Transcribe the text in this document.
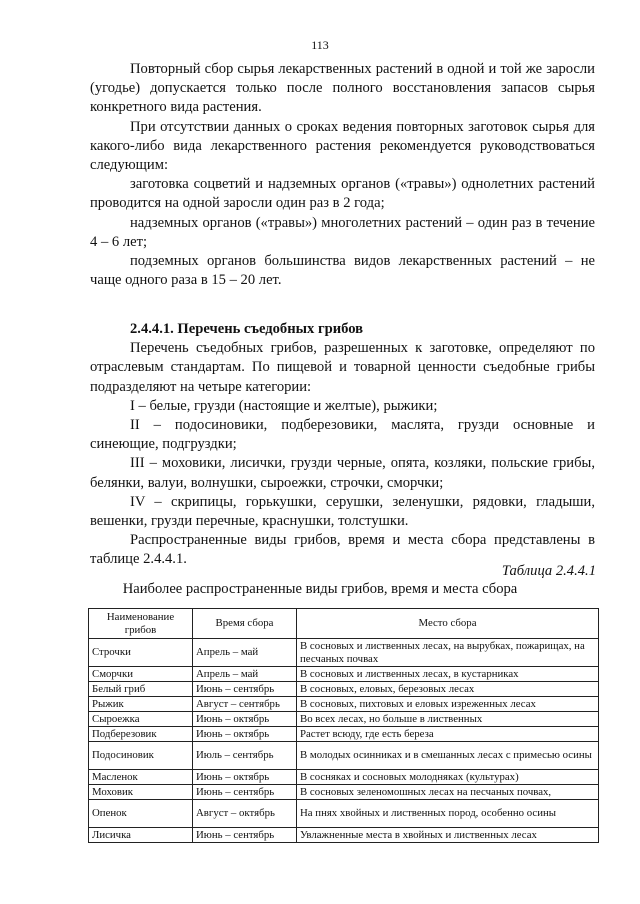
113

Повторный сбор сырья лекарственных растений в одной и той же заросли (угодье) допускается только после полного восстановления запасов сырья конкретного вида растения.

При отсутствии данных о сроках ведения повторных заготовок сырья для какого-либо вида лекарственного растения рекомендуется руководствоваться следующим:

заготовка соцветий и надземных органов («травы») однолетних растений проводится на одной заросли один раз в 2 года;

надземных органов («травы») многолетних растений – один раз в течение 4 – 6 лет;

подземных органов большинства видов лекарственных растений – не чаще одного раза в 15 – 20 лет.

2.4.4.1. Перечень съедобных грибов

Перечень съедобных грибов, разрешенных к заготовке, определяют по отраслевым стандартам. По пищевой и товарной ценности съедобные грибы подразделяют на четыре категории:

I – белые, грузди (настоящие и желтые), рыжики;

II – подосиновики, подберезовики, маслята, грузди основные и синеющие, подгруздки;

III – моховики, лисички, грузди черные, опята, козляки, польские грибы, белянки, валуи, волнушки, сыроежки, строчки, сморчки;

IV – скрипицы, горькушки, серушки, зеленушки, рядовки, гладыши, вешенки, грузди перечные, краснушки, толстушки.

Распространенные виды грибов, время и места сбора представлены в таблице 2.4.4.1.

Таблица 2.4.4.1
Наиболее распространенные виды грибов, время и места сбора
Наименование грибов	Время сбора	Место сбора
Строчки	Апрель – май	В сосновых и лиственных лесах, на вырубках, пожарищах, на песчаных почвах
Сморчки	Апрель – май	В сосновых и лиственных лесах, в кустарниках
Белый гриб	Июнь – сентябрь	В сосновых, еловых, березовых лесах
Рыжик	Август – сентябрь	В сосновых, пихтовых и еловых изреженных лесах
Сыроежка	Июнь – октябрь	Во всех лесах, но больше в лиственных
Подберезовик	Июнь – октябрь	Растет всюду, где есть береза
Подосиновик	Июль – сентябрь	В молодых осинниках и в смешанных лесах с примесью осины
Масленок	Июнь – октябрь	В сосняках и сосновых молодняках (культурах)
Моховик	Июнь – сентябрь	В сосновых зеленомошных лесах на песчаных почвах,
Опенок	Август – октябрь	На пнях хвойных и лиственных пород, особенно осины
Лисичка	Июнь – сентябрь	Увлажненные места в хвойных и лиственных лесах
